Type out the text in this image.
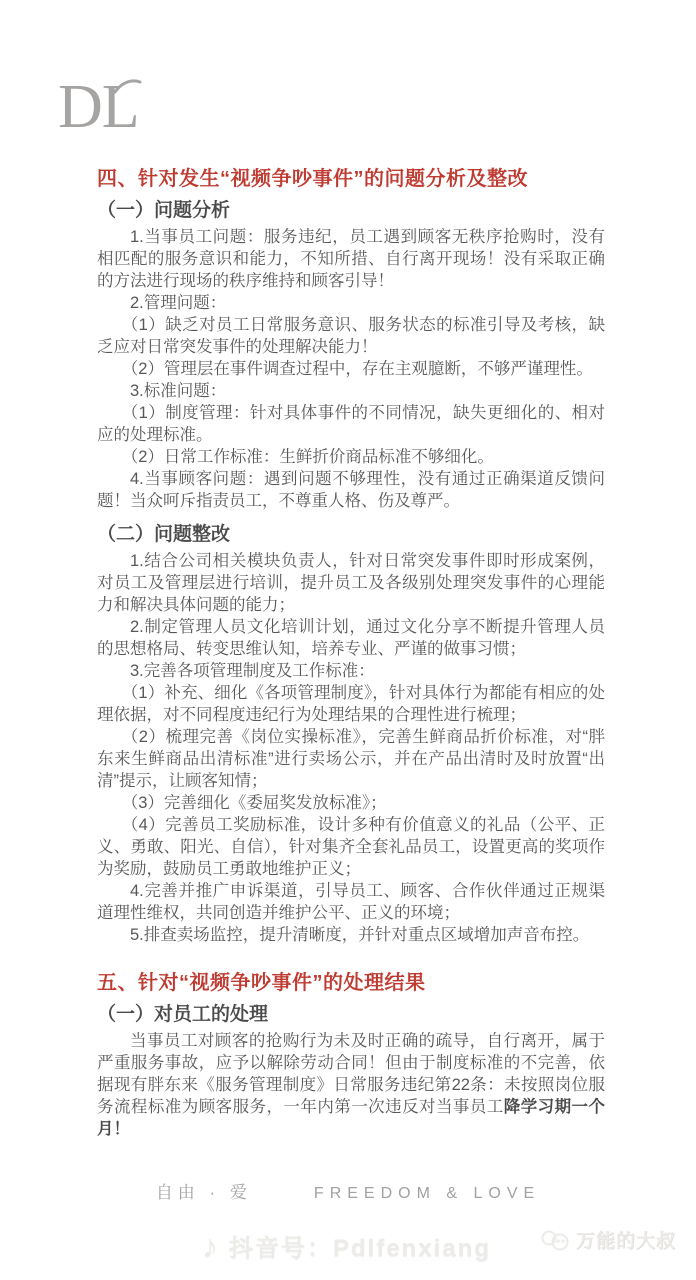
DL
四、针对发生“视频争吵事件”的问题分析及整改
（一）问题分析

1.当事员工问题：服务违纪，员工遇到顾客无秩序抢购时，没有相匹配的服务意识和能力，不知所措、自行离开现场！没有采取正确的方法进行现场的秩序维持和顾客引导！

2.管理问题：

（1）缺乏对员工日常服务意识、服务状态的标准引导及考核，缺乏应对日常突发事件的处理解决能力！

（2）管理层在事件调查过程中，存在主观臆断，不够严谨理性。

3.标准问题：

（1）制度管理：针对具体事件的不同情况，缺失更细化的、相对应的处理标准。

（2）日常工作标准：生鲜折价商品标准不够细化。

4.当事顾客问题：遇到问题不够理性，没有通过正确渠道反馈问题！当众呵斥指责员工，不尊重人格、伤及尊严。

（二）问题整改

1.结合公司相关模块负责人，针对日常突发事件即时形成案例，对员工及管理层进行培训，提升员工及各级别处理突发事件的心理能力和解决具体问题的能力；

2.制定管理人员文化培训计划，通过文化分享不断提升管理人员的思想格局、转变思维认知，培养专业、严谨的做事习惯；

3.完善各项管理制度及工作标准：

（1）补充、细化《各项管理制度》，针对具体行为都能有相应的处理依据，对不同程度违纪行为处理结果的合理性进行梳理；

（2）梳理完善《岗位实操标准》，完善生鲜商品折价标准，对“胖东来生鲜商品出清标准”进行卖场公示，并在产品出清时及时放置“出清”提示，让顾客知情；

（3）完善细化《委屈奖发放标准》；

（4）完善员工奖励标准，设计多种有价值意义的礼品（公平、正义、勇敢、阳光、自信），针对集齐全套礼品员工，设置更高的奖项作为奖励，鼓励员工勇敢地维护正义；

4.完善并推广申诉渠道，引导员工、顾客、合作伙伴通过正规渠道理性维权，共同创造并维护公平、正义的环境；

5.排查卖场监控，提升清晰度，并针对重点区域增加声音布控。

五、针对“视频争吵事件”的处理结果
（一）对员工的处理

当事员工对顾客的抢购行为未及时正确的疏导，自行离开，属于严重服务事故，应予以解除劳动合同！但由于制度标准的不完善，依据现有胖东来《服务管理制度》日常服务违纪第22条：未按照岗位服务流程标准为顾客服务，一年内第一次违反对当事员工降学习期一个月！

自由 · 爱	FREEDOM & LOVE
♪ 抖音号：Pdlfenxiang	万能的大叔
